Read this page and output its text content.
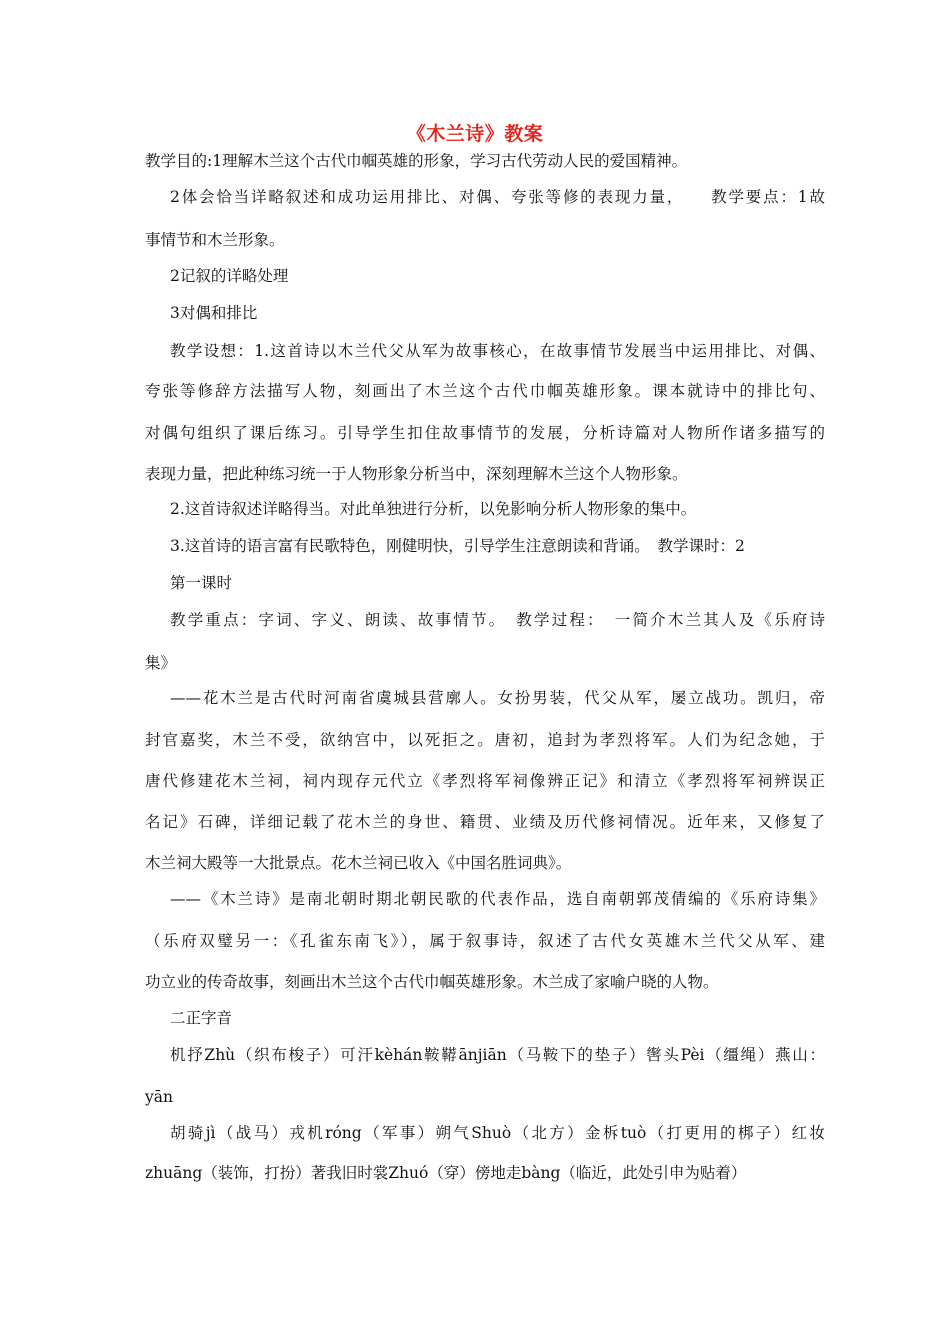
《木兰诗》教案
教学目的:1理解木兰这个古代巾帼英雄的形象，学习古代劳动人民的爱国精神。
2体会恰当详略叙述和成功运用排比、对偶、夸张等修的表现力量，　　教学要点：1故
事情节和木兰形象。
2记叙的详略处理
3对偶和排比
教学设想：1.这首诗以木兰代父从军为故事核心，在故事情节发展当中运用排比、对偶、
夸张等修辞方法描写人物，刻画出了木兰这个古代巾帼英雄形象。课本就诗中的排比句、
对偶句组织了课后练习。引导学生扣住故事情节的发展，分析诗篇对人物所作诸多描写的
表现力量，把此种练习统一于人物形象分析当中，深刻理解木兰这个人物形象。
2.这首诗叙述详略得当。对此单独进行分析，以免影响分析人物形象的集中。
3.这首诗的语言富有民歌特色，刚健明快，引导学生注意朗读和背诵。　教学课时：2
第一课时
教学重点：字词、字义、朗读、故事情节。　教学过程：　一简介木兰其人及《乐府诗
集》
——花木兰是古代时河南省虞城县营廓人。女扮男装，代父从军，屡立战功。凯归，帝
封官嘉奖，木兰不受，欲纳宫中，以死拒之。唐初，追封为孝烈将军。人们为纪念她，于
唐代修建花木兰祠，祠内现存元代立《孝烈将军祠像辨正记》和清立《孝烈将军祠辨误正
名记》石碑，详细记载了花木兰的身世、籍贯、业绩及历代修祠情况。近年来，又修复了
木兰祠大殿等一大批景点。花木兰祠已收入《中国名胜词典》。
——《木兰诗》是南北朝时期北朝民歌的代表作品，选自南朝郭茂倩编的《乐府诗集》
（乐府双璧另一：《孔雀东南飞》），属于叙事诗，叙述了古代女英雄木兰代父从军、建
功立业的传奇故事，刻画出木兰这个古代巾帼英雄形象。木兰成了家喻户晓的人物。
二正字音
机抒Zhù（织布梭子）可汗kèhán鞍鞯ānjiān（马鞍下的垫子）辔头Pèi（缰绳）燕山：
yān
胡骑jì（战马）戎机róng（军事）朔气Shuò（北方）金柝tuò（打更用的梆子）红妆
zhuāng（装饰，打扮）著我旧时裳Zhuó（穿）傍地走bàng（临近，此处引申为贴着）
